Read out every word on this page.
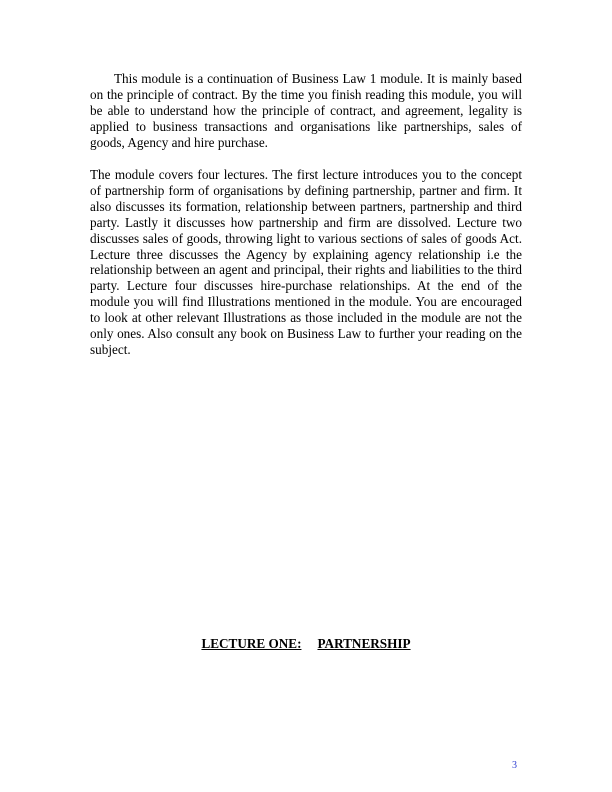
This module is a continuation of Business Law 1 module. It is mainly based on the principle of contract. By the time you finish reading this module, you will be able to understand how the principle of contract, and agreement, legality is applied to business transactions and organisations like partnerships, sales of goods, Agency and hire purchase.

The module covers four lectures. The first lecture introduces you to the concept of partnership form of organisations by defining partnership, partner and firm. It also discusses its formation, relationship between partners, partnership and third party. Lastly it discusses how partnership and firm are dissolved. Lecture two discusses sales of goods, throwing light to various sections of sales of goods Act. Lecture three discusses the Agency by explaining agency relationship i.e the relationship between an agent and principal, their rights and liabilities to the third party. Lecture four discusses hire-purchase relationships. At the end of the module you will find Illustrations mentioned in the module. You are encouraged to look at other relevant Illustrations as those included in the module are not the only ones. Also consult any book on Business Law to further your reading on the subject.

LECTURE ONE: PARTNERSHIP

3
